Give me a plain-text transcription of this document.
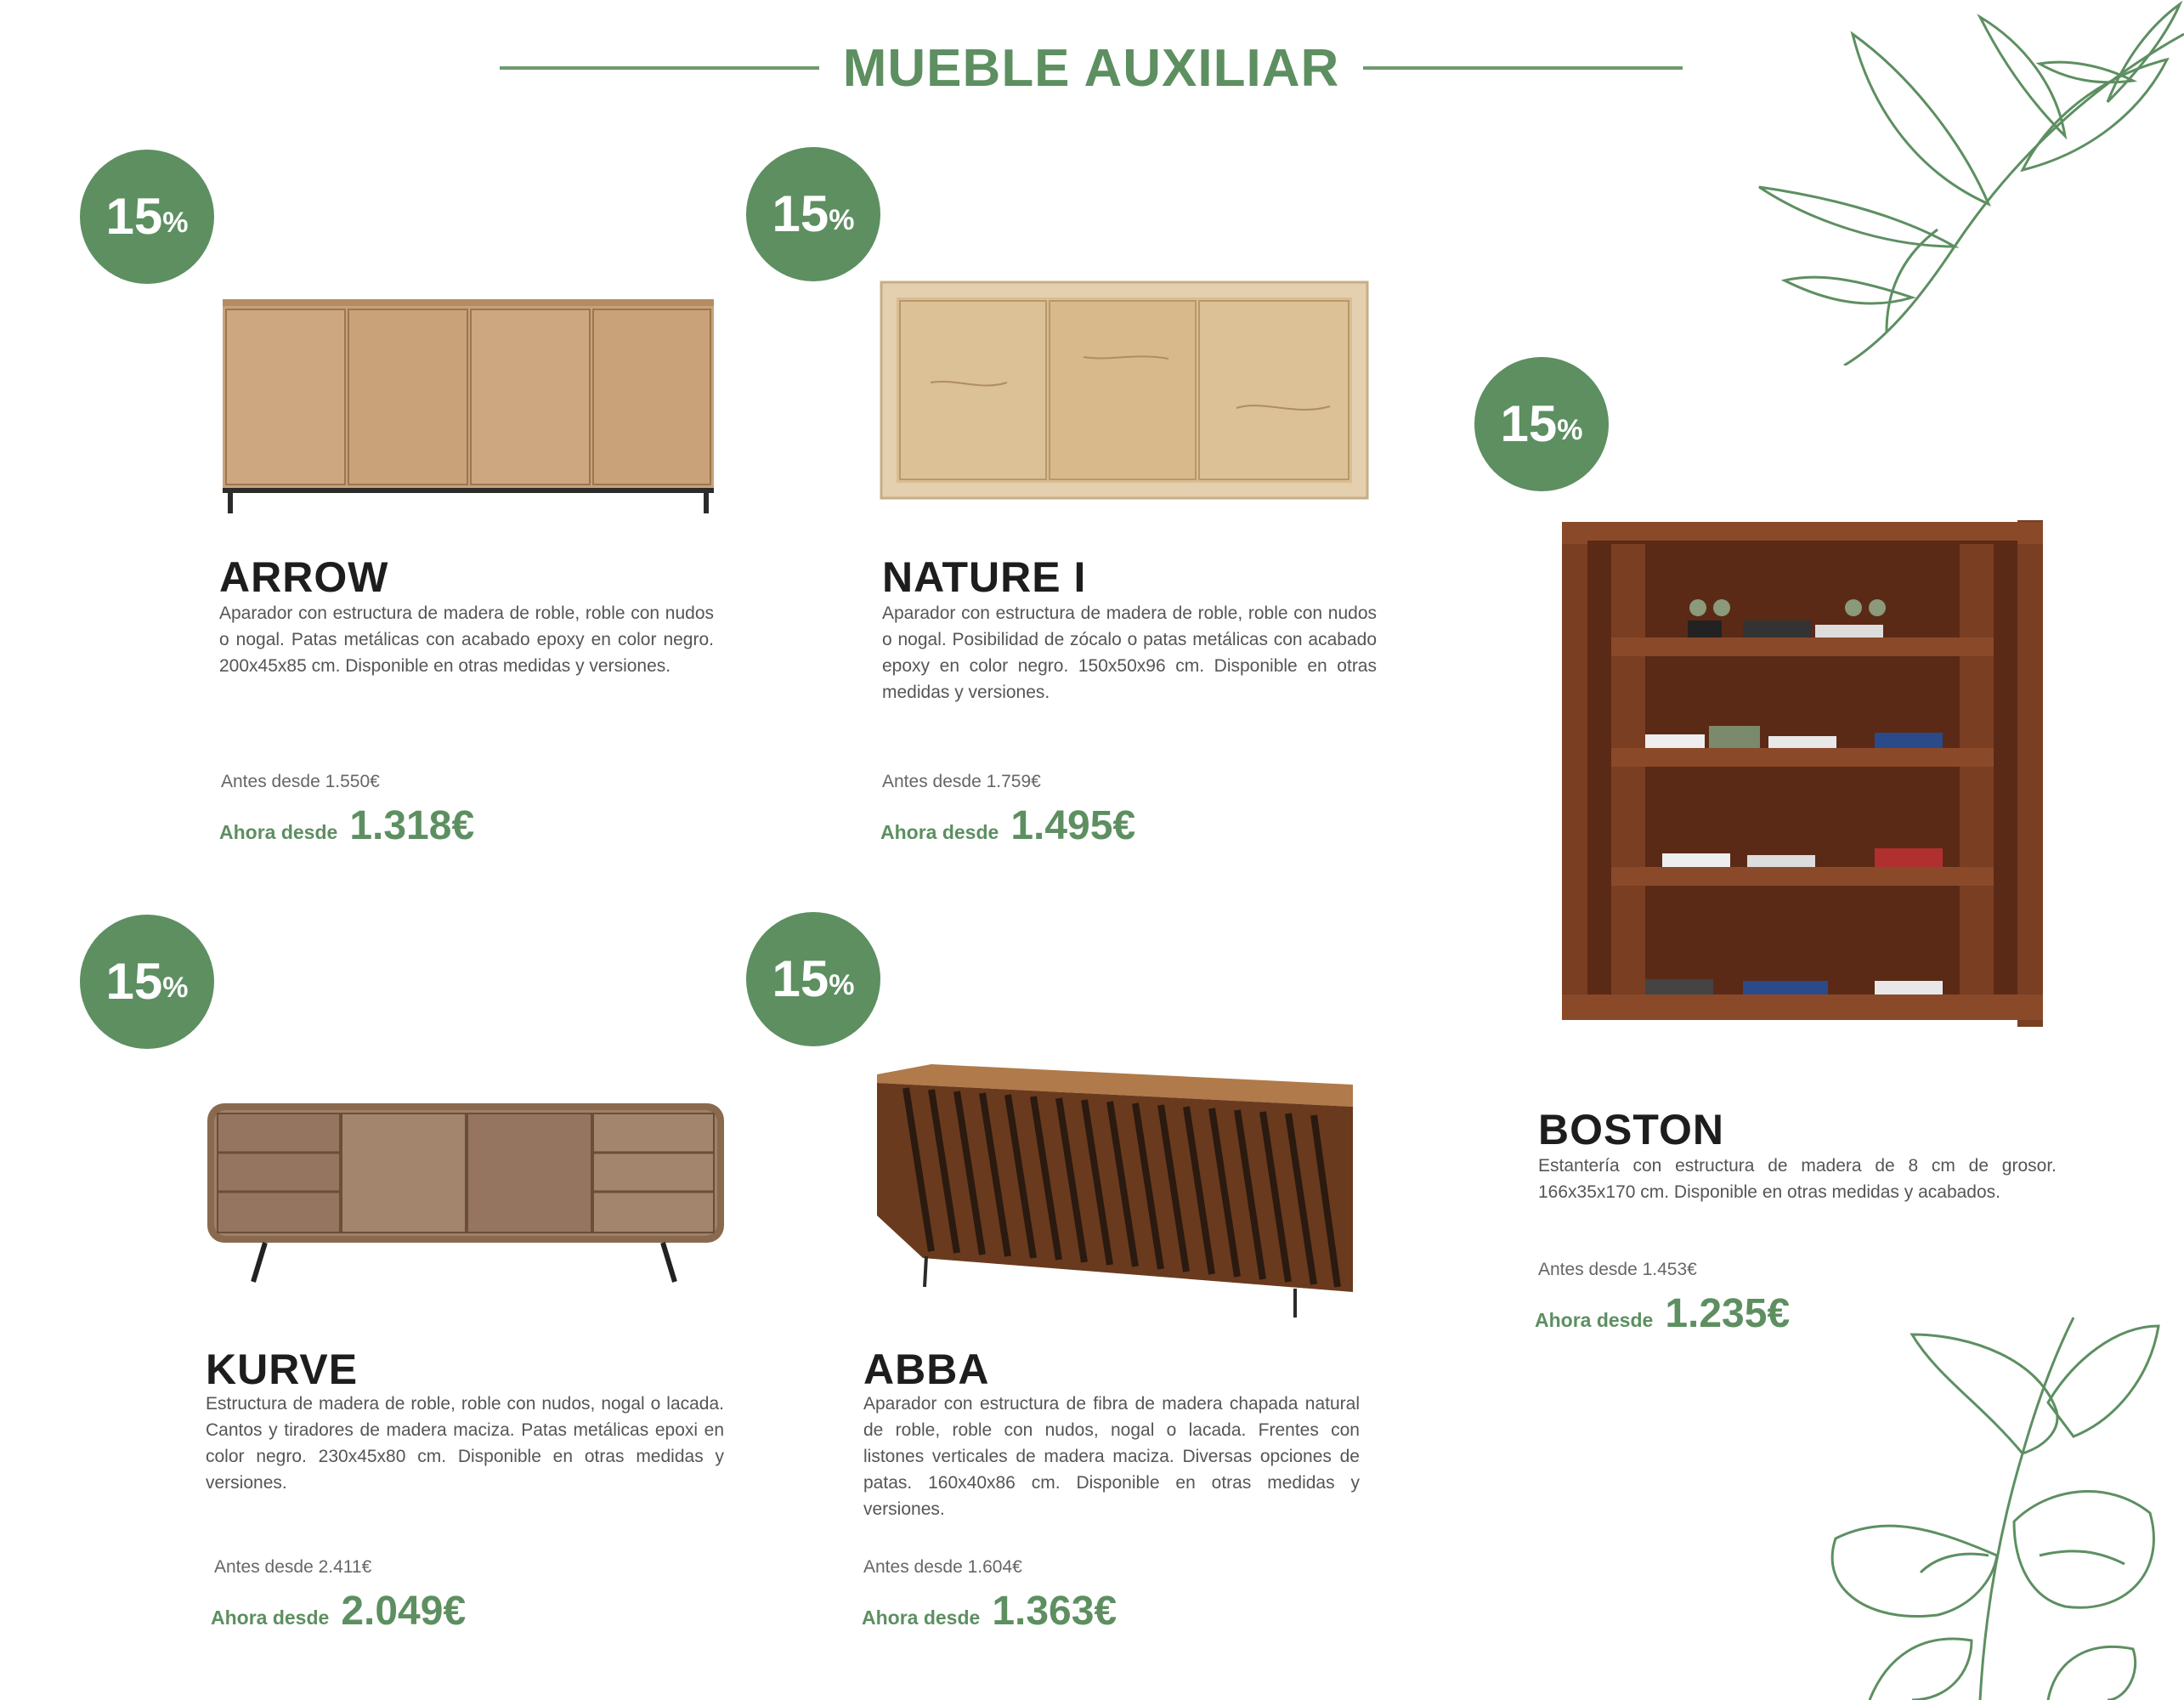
MUEBLE AUXILIAR
15 %	15 %
15 %
15 %	15 %
ARROW
Aparador con estructura de madera de roble, roble con nudos o nogal. Patas metálicas con acabado epoxy en color negro. 200x45x85 cm. Disponible en otras medidas y versiones.
Antes desde 1.550€
Ahora desde 1.318€
NATURE I
Aparador con estructura de madera de roble, roble con nudos o nogal. Posibilidad de zócalo o patas metálicas con acabado epoxy en color negro. 150x50x96 cm. Disponible en otras medidas y versiones.
Antes desde 1.759€
Ahora desde 1.495€
BOSTON
Estantería con estructura de madera de 8 cm de grosor. 166x35x170 cm. Disponible en otras medidas y acabados.
Antes desde 1.453€
Ahora desde 1.235€
KURVE
Estructura de madera de roble, roble con nudos, nogal o lacada. Cantos y tiradores de madera maciza. Patas metálicas epoxi en color negro. 230x45x80 cm. Disponible en otras medidas y versiones.
Antes desde 2.411€
Ahora desde 2.049€
ABBA
Aparador con estructura de fibra de madera chapada natural de roble, roble con nudos, nogal o lacada. Frentes con listones verticales de madera maciza. Diversas opciones de patas. 160x40x86 cm. Disponible en otras medidas y versiones.
Antes desde 1.604€
Ahora desde 1.363€
